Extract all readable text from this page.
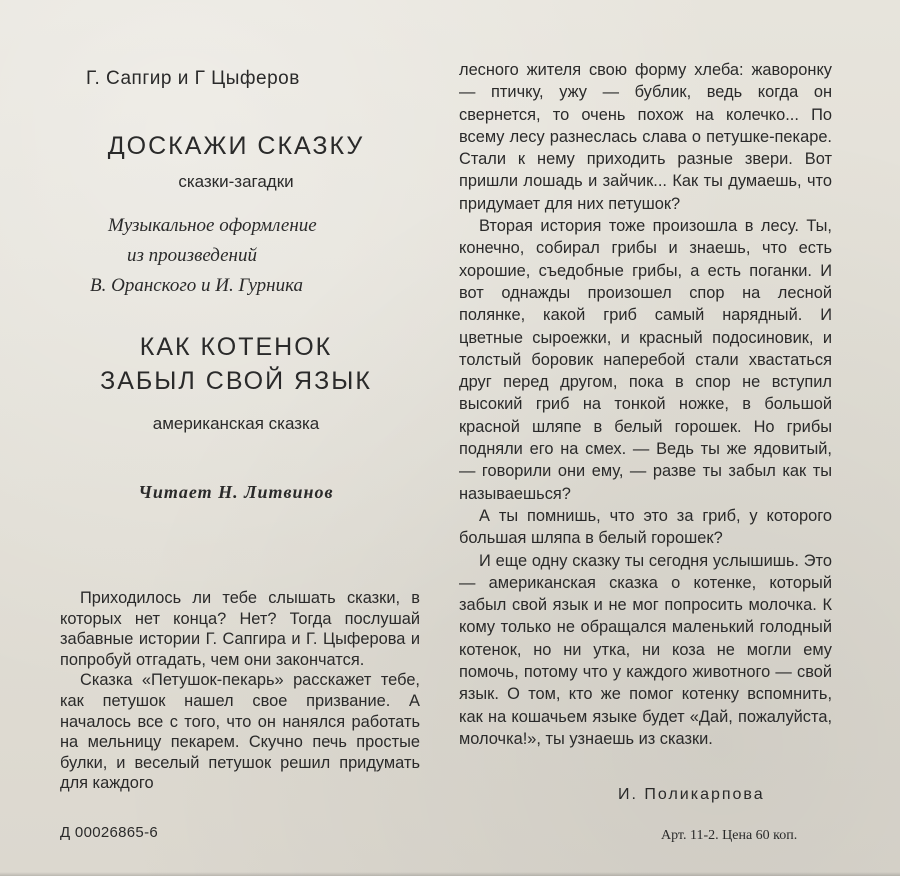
Г. Сапгир и Г Цыферов
ДОСКАЖИ СКАЗКУ
сказки-загадки
Музыкальное оформление
из произведений
В. Оранского и И. Гурника
КАК КОТЕНОК
ЗАБЫЛ СВОЙ ЯЗЫК
американская сказка
Читает Н. Литвинов

Приходилось ли тебе слышать сказки, в которых нет конца? Нет? Тогда послушай забавные истории Г. Сапгира и Г. Цыферова и попробуй отгадать, чем они закончатся.

Сказка «Петушок-пекарь» расскажет тебе, как петушок нашел свое призвание. А началось все с того, что он нанялся работать на мельницу пекарем. Скучно печь простые булки, и веселый петушок решил придумать для каждого

Д 00026865-6

лесного жителя свою форму хлеба: жаворонку — птичку, ужу — бублик, ведь когда он свернется, то очень похож на колечко... По всему лесу разнеслась слава о петушке-пекаре. Стали к нему приходить разные звери. Вот пришли лошадь и зайчик... Как ты думаешь, что придумает для них петушок?

Вторая история тоже произошла в лесу. Ты, конечно, собирал грибы и знаешь, что есть хорошие, съедобные грибы, а есть поганки. И вот однажды произошел спор на лесной полянке, какой гриб самый нарядный. И цветные сыроежки, и красный подосиновик, и толстый боровик наперебой стали хвастаться друг перед другом, пока в спор не вступил высокий гриб на тонкой ножке, в большой красной шляпе в белый горошек. Но грибы подняли его на смех. — Ведь ты же ядовитый, — говорили они ему, — разве ты забыл как ты называешься?

А ты помнишь, что это за гриб, у которого большая шляпа в белый горошек?

И еще одну сказку ты сегодня услышишь. Это — американская сказка о котенке, который забыл свой язык и не мог попросить молочка. К кому только не обращался маленький голодный котенок, но ни утка, ни коза не могли ему помочь, потому что у каждого животного — свой язык. О том, кто же помог котенку вспомнить, как на кошачьем языке будет «Дай, пожалуйста, молочка!», ты узнаешь из сказки.

И. Поликарпова
Арт. 11-2. Цена 60 коп.
